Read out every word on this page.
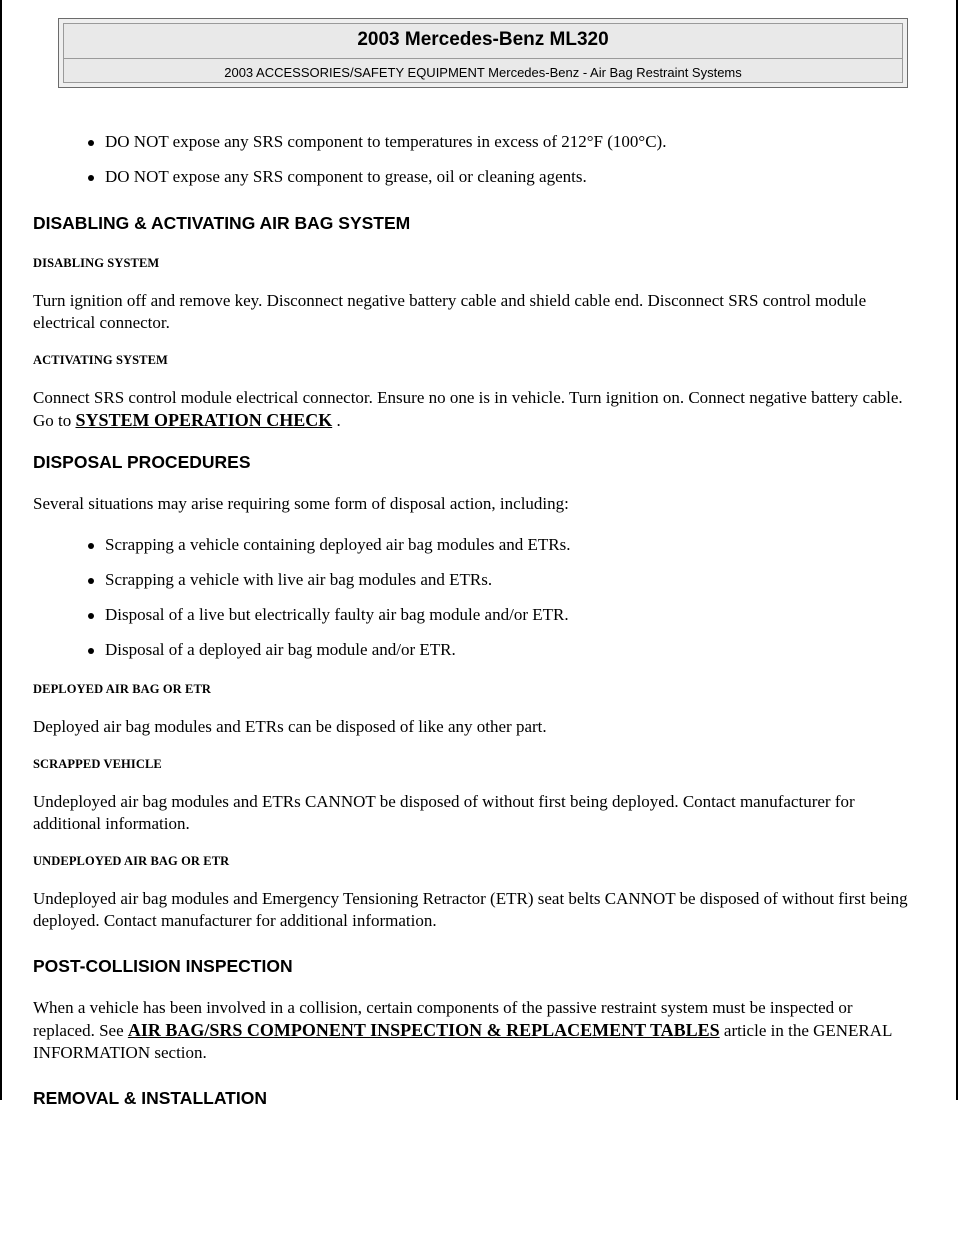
2003 Mercedes-Benz ML320
2003 ACCESSORIES/SAFETY EQUIPMENT Mercedes-Benz - Air Bag Restraint Systems
DO NOT expose any SRS component to temperatures in excess of 212°F (100°C).
DO NOT expose any SRS component to grease, oil or cleaning agents.
DISABLING & ACTIVATING AIR BAG SYSTEM
DISABLING SYSTEM

Turn ignition off and remove key. Disconnect negative battery cable and shield cable end. Disconnect SRS control module electrical connector.

ACTIVATING SYSTEM

Connect SRS control module electrical connector. Ensure no one is in vehicle. Turn ignition on. Connect negative battery cable. Go to SYSTEM OPERATION CHECK .

DISPOSAL PROCEDURES

Several situations may arise requiring some form of disposal action, including:

Scrapping a vehicle containing deployed air bag modules and ETRs.
Scrapping a vehicle with live air bag modules and ETRs.
Disposal of a live but electrically faulty air bag module and/or ETR.
Disposal of a deployed air bag module and/or ETR.
DEPLOYED AIR BAG OR ETR

Deployed air bag modules and ETRs can be disposed of like any other part.

SCRAPPED VEHICLE

Undeployed air bag modules and ETRs CANNOT be disposed of without first being deployed. Contact manufacturer for additional information.

UNDEPLOYED AIR BAG OR ETR

Undeployed air bag modules and Emergency Tensioning Retractor (ETR) seat belts CANNOT be disposed of without first being deployed. Contact manufacturer for additional information.

POST-COLLISION INSPECTION

When a vehicle has been involved in a collision, certain components of the passive restraint system must be inspected or replaced. See AIR BAG/SRS COMPONENT INSPECTION & REPLACEMENT TABLES article in the GENERAL INFORMATION section.

REMOVAL & INSTALLATION
